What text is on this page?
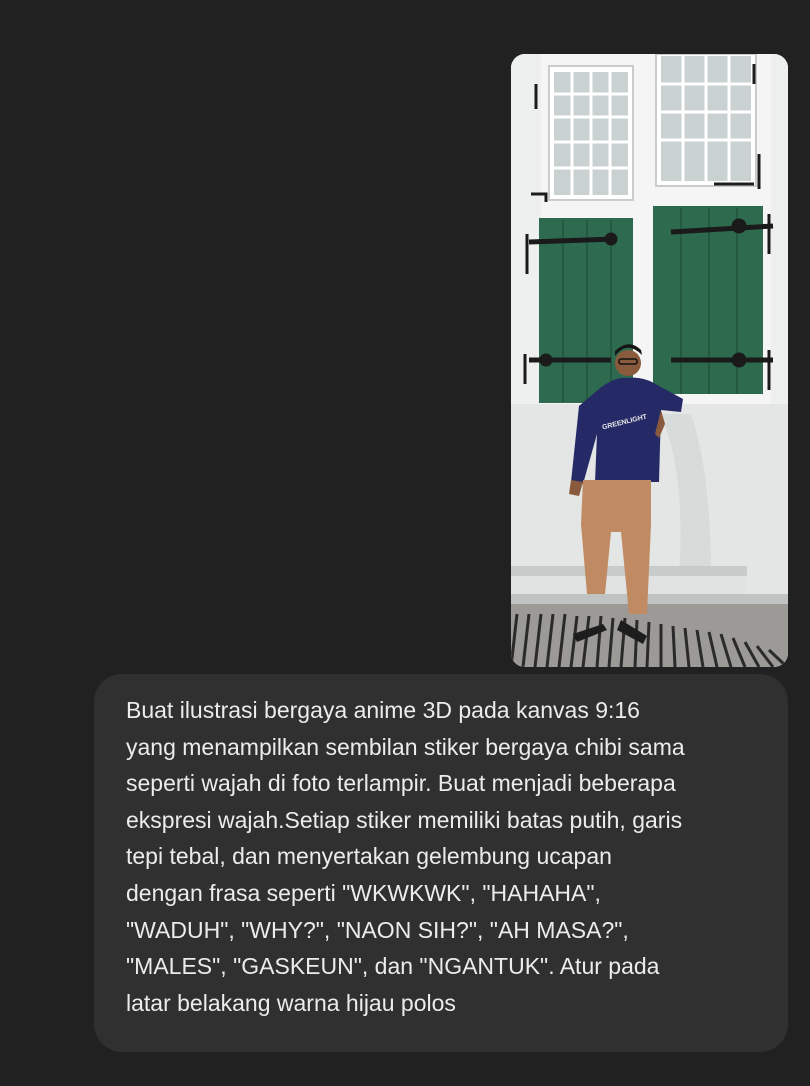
GREENLIGHT

Buat ilustrasi bergaya anime 3D pada kanvas 9:16
yang menampilkan sembilan stiker bergaya chibi sama
seperti wajah di foto terlampir. Buat menjadi beberapa
ekspresi wajah.Setiap stiker memiliki batas putih, garis
tepi tebal, dan menyertakan gelembung ucapan
dengan frasa seperti "WKWKWK", "HAHAHA",
"WADUH", "WHY?", "NAON SIH?", "AH MASA?",
"MALES", "GASKEUN", dan "NGANTUK". Atur pada
latar belakang warna hijau polos
